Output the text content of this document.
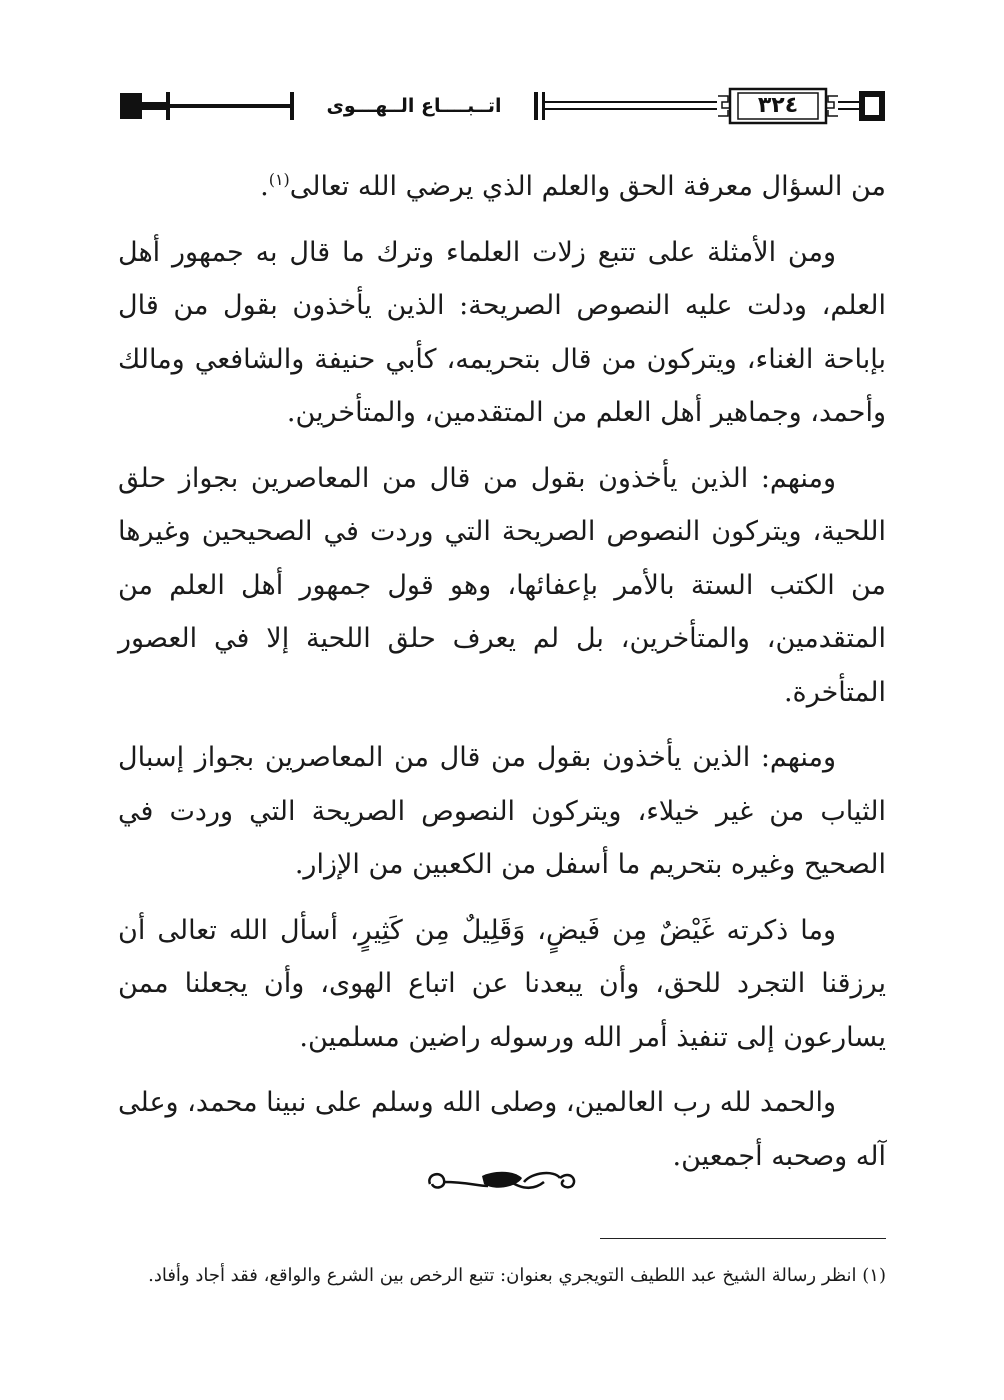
اتــبــــاع الــهـــوى	٣٢٤

من السؤال معرفة الحق والعلم الذي يرضي الله تعالى$^{(١)}$.

ومن الأمثلة على تتبع زلات العلماء وترك ما قال به جمهور أهل العلم، ودلت عليه النصوص الصريحة: الذين يأخذون بقول من قال بإباحة الغناء، ويتركون من قال بتحريمه، كأبي حنيفة والشافعي ومالك وأحمد، وجماهير أهل العلم من المتقدمين، والمتأخرين.

ومنهم: الذين يأخذون بقول من قال من المعاصرين بجواز حلق اللحية، ويتركون النصوص الصريحة التي وردت في الصحيحين وغيرها من الكتب الستة بالأمر بإعفائها، وهو قول جمهور أهل العلم من المتقدمين، والمتأخرين، بل لم يعرف حلق اللحية إلا في العصور المتأخرة.

ومنهم: الذين يأخذون بقول من قال من المعاصرين بجواز إسبال الثياب من غير خيلاء، ويتركون النصوص الصريحة التي وردت في الصحيح وغيره بتحريم ما أسفل من الكعبين من الإزار.

وما ذكرته غَيْضٌ مِن فَيضٍ، وَقَلِيلٌ مِن كَثِيرٍ، أسأل الله تعالى أن يرزقنا التجرد للحق، وأن يبعدنا عن اتباع الهوى، وأن يجعلنا ممن يسارعون إلى تنفيذ أمر الله ورسوله راضين مسلمين.

والحمد لله رب العالمين، وصلى الله وسلم على نبينا محمد، وعلى آله وصحبه أجمعين.

(١) انظر رسالة الشيخ عبد اللطيف التويجري بعنوان: تتبع الرخص بين الشرع والواقع، فقد أجاد وأفاد.
